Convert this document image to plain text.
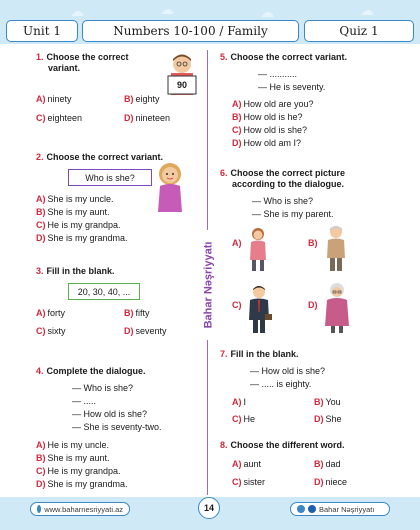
☁	☁	☁	☁
Unit 1	Numbers 10-100 / Family	Quiz 1
Bahar Nəşriyyatı
1. Choose the correct
variant.
90
A) ninety	B) eighty
C) eighteen	D) nineteen
2. Choose the correct variant.
Who is she?
A) She is my uncle.
B) She is my aunt.
C) He is my grandpa.
D) She is my grandma.
3. Fill in the blank.
20, 30, 40, ...
A) forty	B) fifty
C) sixty	D) seventy
4. Complete the dialogue.
— Who is she?
— .....
— How old is she?
— She is seventy-two.
A) He is my uncle.
B) She is my aunt.
C) He is my grandpa.
D) She is my grandma.
5. Choose the correct variant.
— ...........
— He is seventy.
A) How old are you?
B) How old is he?
C) How old is she?
D) How old am I?
6. Choose the correct picture
according to the dialogue.
— Who is she?
— She is my parent.
A)	B)
C)	D)
7. Fill in the blank.
— How old is she?
— ..... is eighty.
A) I	B) You
C) He	D) She
8. Choose the different word.
A) aunt	B) dad
C) sister	D) niece
www.baharnesriyyati.az	14	Bahar Nəşriyyatı
